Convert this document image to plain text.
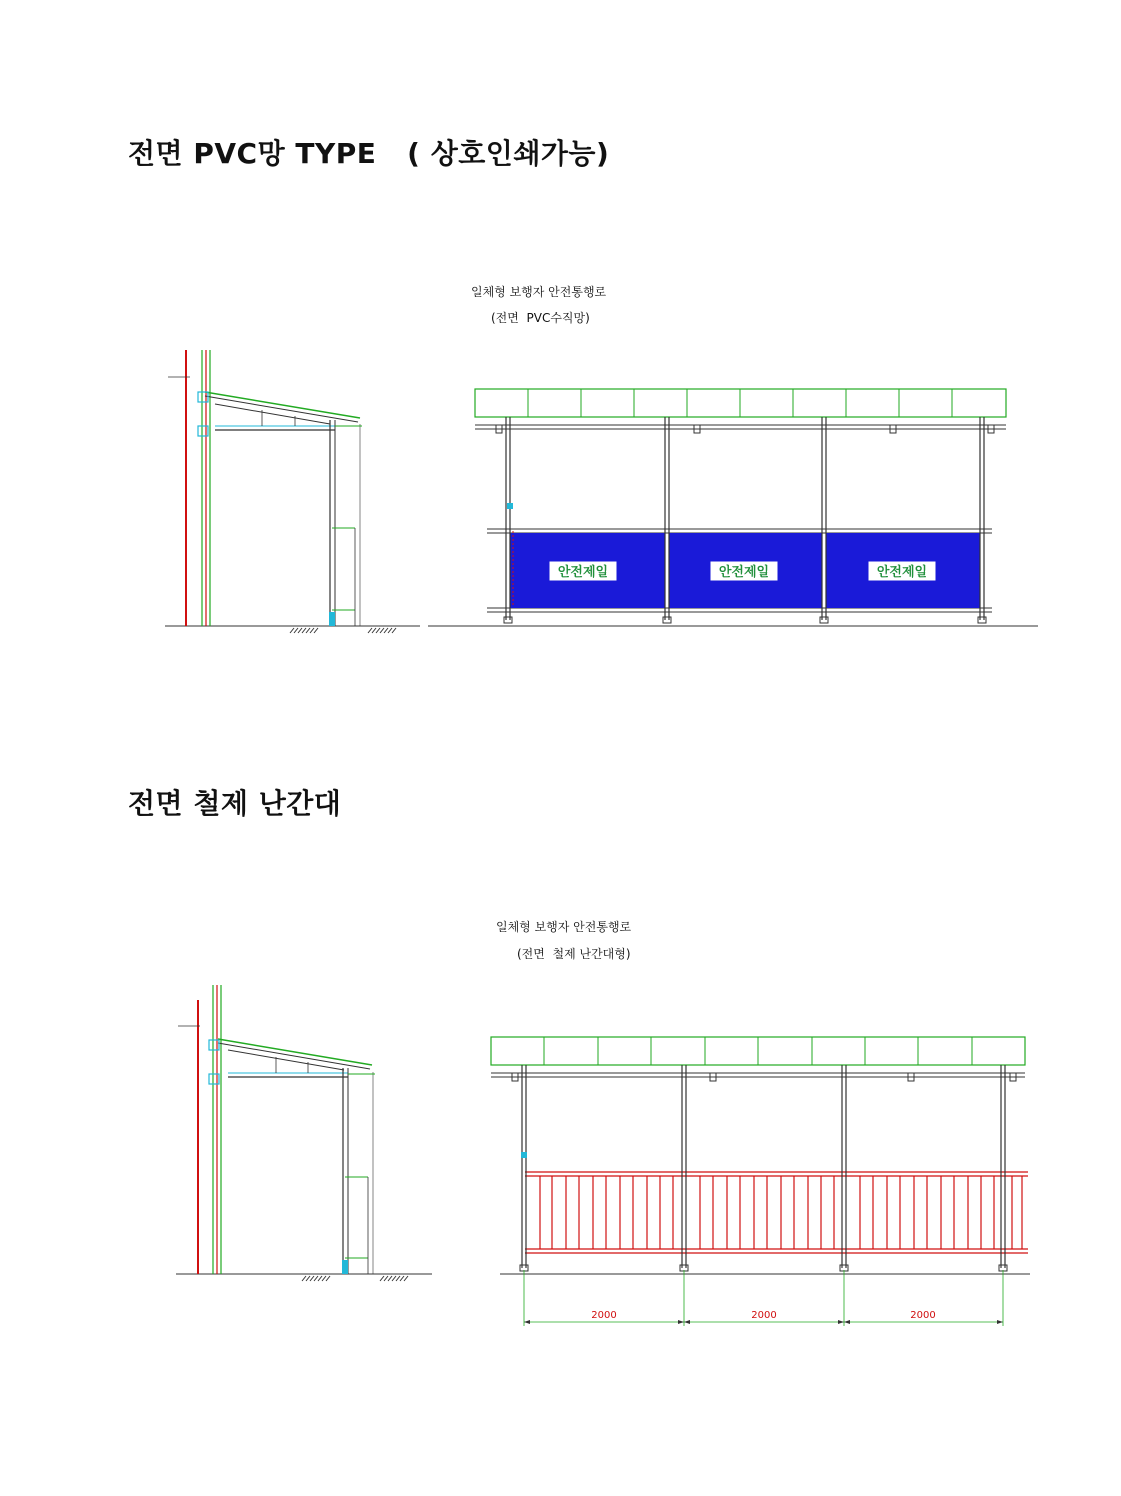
전면 PVC망 TYPE   ( 상호인쇄가능)
일체형 보행자 안전통행로
(전면  PVC수직망)
전면 철제 난간대
일체형 보행자 안전통행로
(전면  철제 난간대형)
안전제일	안전제일	안전제일
2000	2000	2000
